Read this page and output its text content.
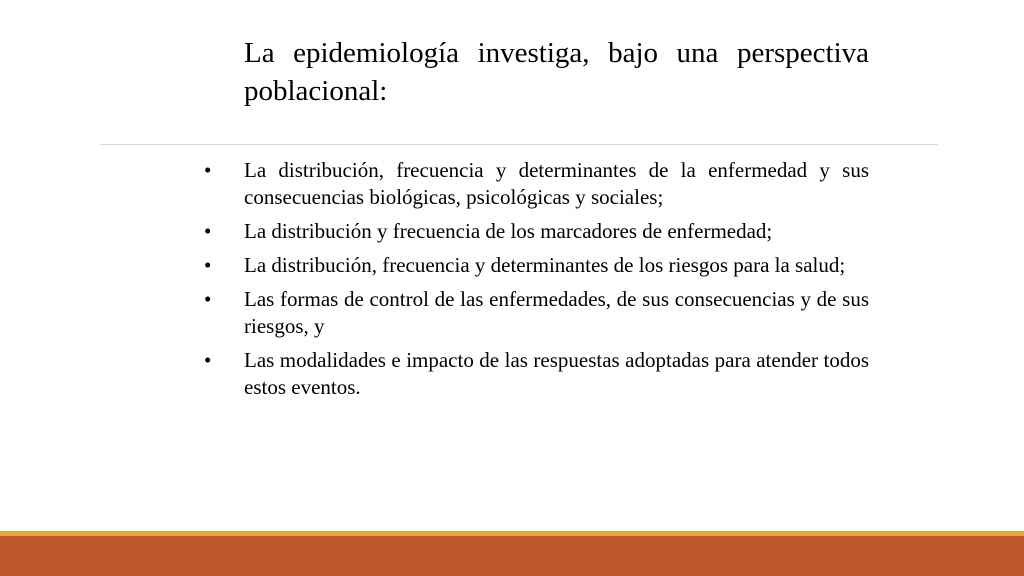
La epidemiología investiga, bajo una perspectiva poblacional:
•	La distribución, frecuencia y determinantes de la enfermedad y sus consecuencias biológicas, psicológicas y sociales;
•	La distribución y frecuencia de los marcadores de enfermedad;
•	La distribución, frecuencia y determinantes de los riesgos para la salud;
•	Las formas de control de las enfermedades, de sus consecuencias y de sus riesgos, y
•	Las modalidades e impacto de las respuestas adoptadas para atender todos estos eventos.
